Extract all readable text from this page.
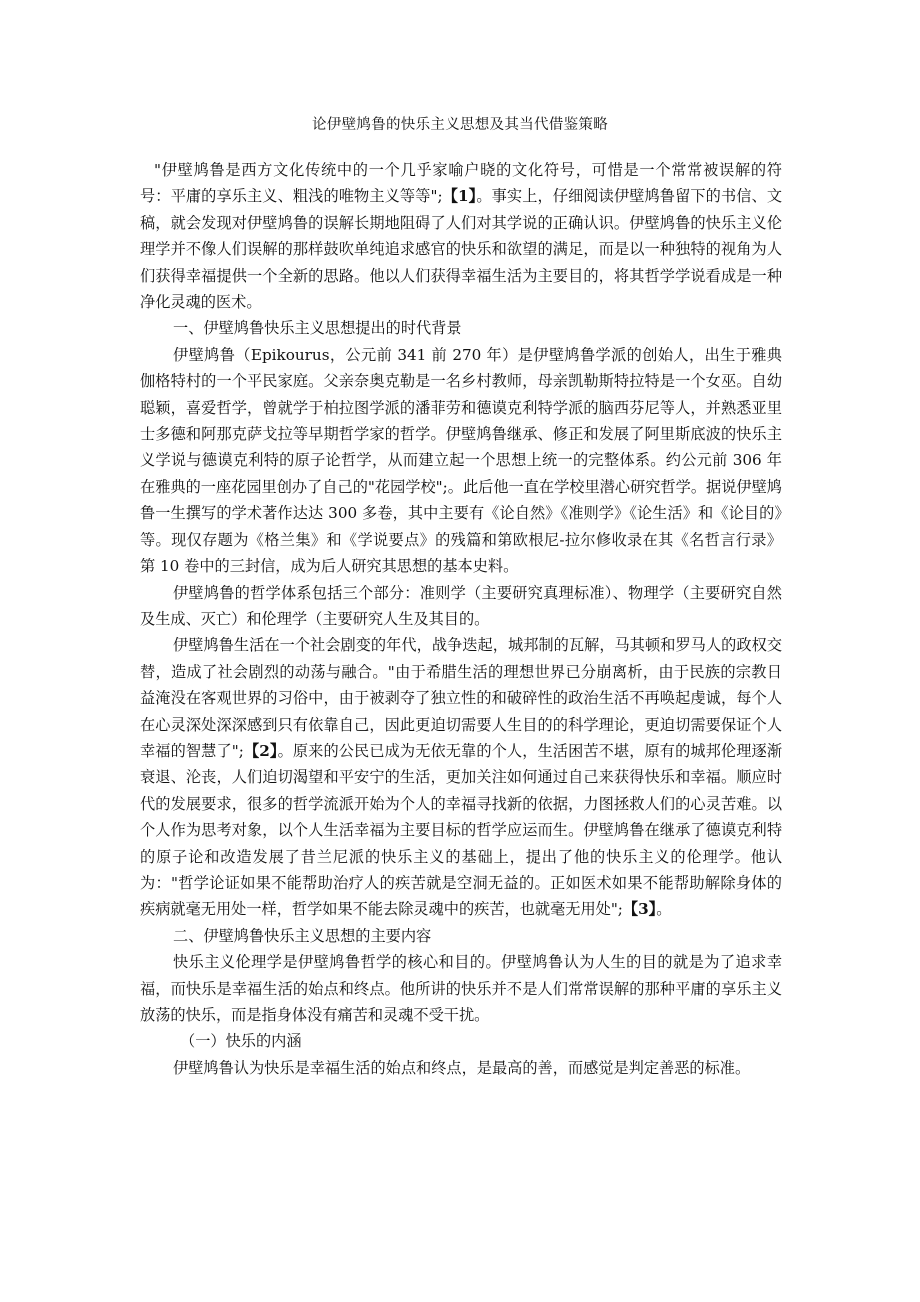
论伊壁鸠鲁的快乐主义思想及其当代借鉴策略

"伊壁鸠鲁是西方文化传统中的一个几乎家喻户晓的文化符号，可惜是一个常常被误解的符号：平庸的享乐主义、粗浅的唯物主义等等";【1】。事实上，仔细阅读伊壁鸠鲁留下的书信、文稿，就会发现对伊壁鸠鲁的误解长期地阻碍了人们对其学说的正确认识。伊壁鸠鲁的快乐主义伦理学并不像人们误解的那样鼓吹单纯追求感官的快乐和欲望的满足，而是以一种独特的视角为人们获得幸福提供一个全新的思路。他以人们获得幸福生活为主要目的，将其哲学学说看成是一种净化灵魂的医术。

一、伊壁鸠鲁快乐主义思想提出的时代背景

伊壁鸠鲁（Epikourus，公元前 341 前 270 年）是伊壁鸠鲁学派的创始人，出生于雅典伽格特村的一个平民家庭。父亲奈奥克勒是一名乡村教师，母亲凯勒斯特拉特是一个女巫。自幼聪颖，喜爱哲学，曾就学于柏拉图学派的潘菲劳和德谟克利特学派的脑西芬尼等人，并熟悉亚里士多德和阿那克萨戈拉等早期哲学家的哲学。伊壁鸠鲁继承、修正和发展了阿里斯底波的快乐主义学说与德谟克利特的原子论哲学，从而建立起一个思想上统一的完整体系。约公元前 306 年在雅典的一座花园里创办了自己的"花园学校";。此后他一直在学校里潜心研究哲学。据说伊壁鸠鲁一生撰写的学术著作达达 300 多卷，其中主要有《论自然》《准则学》《论生活》和《论目的》等。现仅存题为《格兰集》和《学说要点》的残篇和第欧根尼-拉尔修收录在其《名哲言行录》第 10 卷中的三封信，成为后人研究其思想的基本史料。

伊壁鸠鲁的哲学体系包括三个部分：准则学（主要研究真理标准）、物理学（主要研究自然及生成、灭亡）和伦理学（主要研究人生及其目的。

伊壁鸠鲁生活在一个社会剧变的年代，战争迭起，城邦制的瓦解，马其顿和罗马人的政权交替，造成了社会剧烈的动荡与融合。"由于希腊生活的理想世界已分崩离析，由于民族的宗教日益淹没在客观世界的习俗中，由于被剥夺了独立性的和破碎性的政治生活不再唤起虔诚，每个人在心灵深处深深感到只有依靠自己，因此更迫切需要人生目的的科学理论，更迫切需要保证个人幸福的智慧了";【2】。原来的公民已成为无依无靠的个人，生活困苦不堪，原有的城邦伦理逐渐衰退、沦丧，人们迫切渴望和平安宁的生活，更加关注如何通过自己来获得快乐和幸福。顺应时代的发展要求，很多的哲学流派开始为个人的幸福寻找新的依据，力图拯救人们的心灵苦难。以个人作为思考对象，以个人生活幸福为主要目标的哲学应运而生。伊壁鸠鲁在继承了德谟克利特的原子论和改造发展了昔兰尼派的快乐主义的基础上，提出了他的快乐主义的伦理学。他认为："哲学论证如果不能帮助治疗人的疾苦就是空洞无益的。正如医术如果不能帮助解除身体的疾病就毫无用处一样，哲学如果不能去除灵魂中的疾苦，也就毫无用处";【3】。

二、伊壁鸠鲁快乐主义思想的主要内容

快乐主义伦理学是伊壁鸠鲁哲学的核心和目的。伊壁鸠鲁认为人生的目的就是为了追求幸福，而快乐是幸福生活的始点和终点。他所讲的快乐并不是人们常常误解的那种平庸的享乐主义放荡的快乐，而是指身体没有痛苦和灵魂不受干扰。

（一）快乐的内涵

伊壁鸠鲁认为快乐是幸福生活的始点和终点，是最高的善，而感觉是判定善恶的标准。
